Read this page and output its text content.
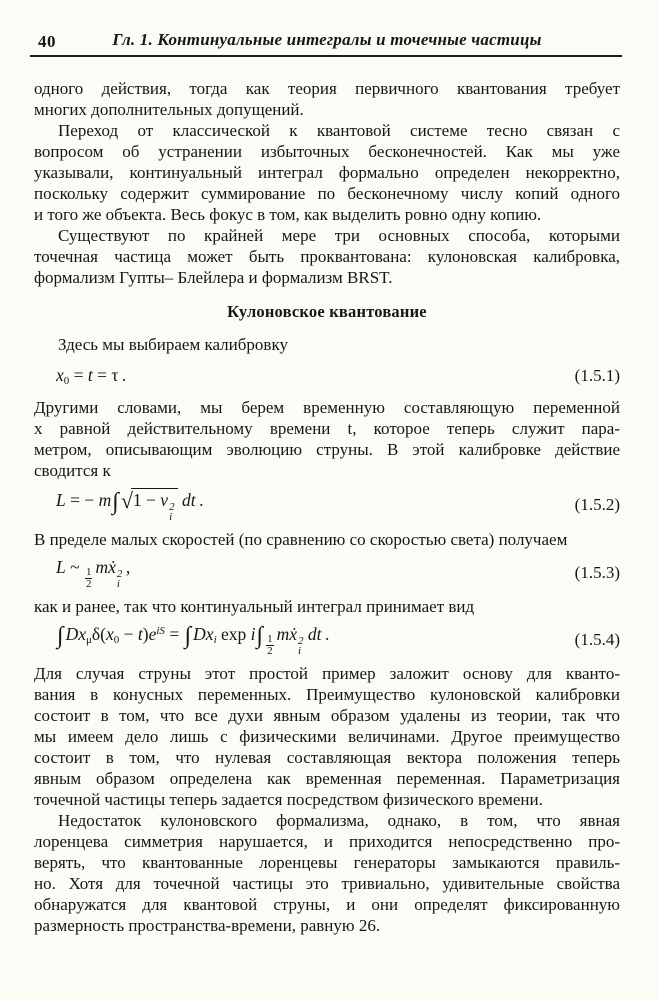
40	Гл. 1. Континуальные интегралы и точечные частицы
одного действия, тогда как теория первичного квантования требует
многих дополнительных допущений.
Переход от классической к квантовой системе тесно связан с
вопросом об устранении избыточных бесконечностей. Как мы уже
указывали, континуальный интеграл формально определен некорректно,
поскольку содержит суммирование по бесконечному числу копий одного
и того же объекта. Весь фокус в том, как выделить ровно одну копию.
Существуют по крайней мере три основных способа, которыми
точечная частица может быть проквантована: кулоновская калибровка,
формализм Гупты– Блейлера и формализм BRST.
Кулоновское квантование
Здесь мы выбираем калибровку
x0 = t = τ .	(1.5.1)
Другими словами, мы берем временную составляющую переменной
x равной действительному времени t, которое теперь служит пара-
метром, описывающим эволюцию струны. В этой калибровке действие
сводится к
L = − m∫√1 − v 2
i
dt .	(1.5.2)
В пределе малых скоростей (по сравнению со скоростью света) получаем
L ~ $\frac{1}{2}$ mẋ 2
i
 ,	(1.5.3)
как и ранее, так что континуальный интеграл принимает вид
∫ $Dx\mu\delta(x0 - t)e^{iS}$ = ∫ Dxi $\exp i\int \frac{1}{2}$ mẋ 2
i
dt .	(1.5.4)
Для случая струны этот простой пример заложит основу для кванто-
вания в конусных переменных. Преимущество кулоновской калибровки
состоит в том, что все духи явным образом удалены из теории, так что
мы имеем дело лишь с физическими величинами. Другое преимущество
состоит в том, что нулевая составляющая вектора положения теперь
явным образом определена как временная переменная. Параметризация
точечной частицы теперь задается посредством физического времени.
Недостаток кулоновского формализма, однако, в том, что явная
лоренцева симметрия нарушается, и приходится непосредственно про-
верять, что квантованные лоренцевы генераторы замыкаются правиль-
но. Хотя для точечной частицы это тривиально, удивительные свойства
обнаружатся для квантовой струны, и они определят фиксированную
размерность пространства-времени, равную 26.
